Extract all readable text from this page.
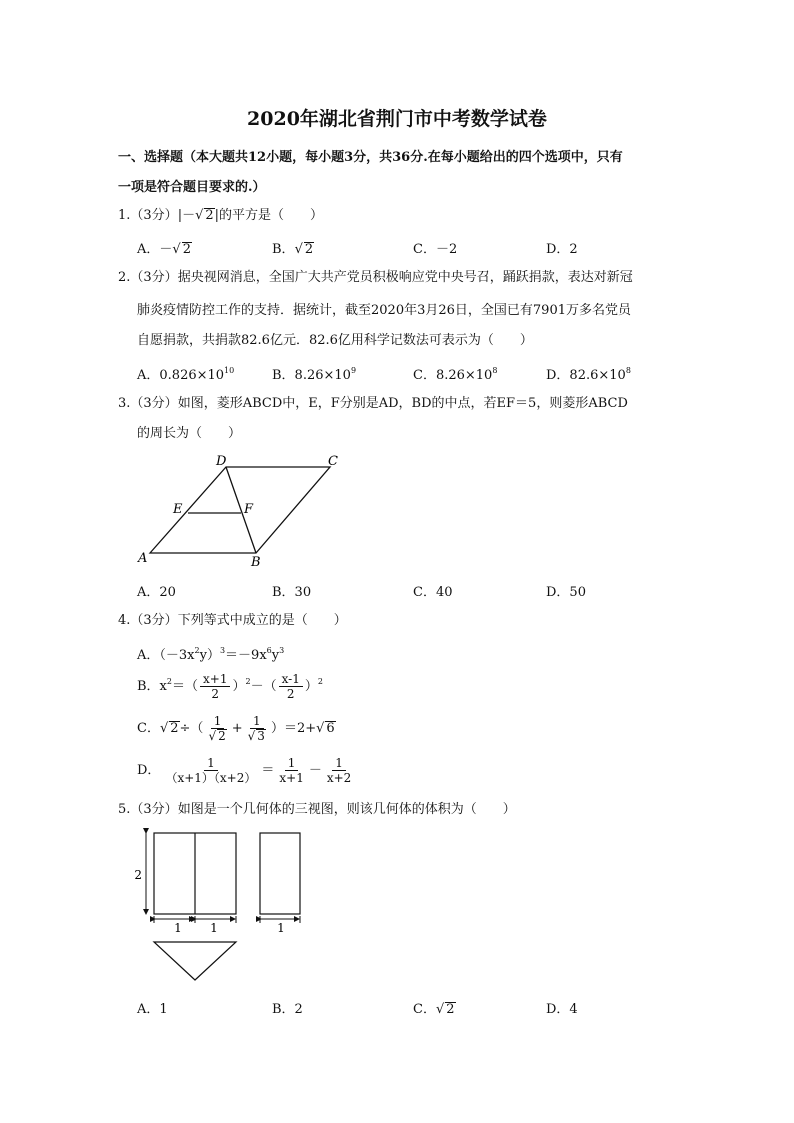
2020年湖北省荆门市中考数学试卷
一、选择题（本大题共12小题，每小题3分，共36分.在每小题给出的四个选项中，只有
一项是符合题目要求的.）
1.（3分）|－√ 2|的平方是（　　）
A．－√ 2	B．√ 2	C．－2	D．2
2.（3分）据央视网消息，全国广大共产党员积极响应党中央号召，踊跃捐款，表达对新冠
肺炎疫情防控工作的支持．据统计，截至2020年3月26日，全国已有7901万多名党员
自愿捐款，共捐款82.6亿元．82.6亿用科学记数法可表示为（　　）
A．$0.826\times 10^{10}$	B．$8.26\times 10^9$	C．$8.26\times 10^8$	D．$82.6\times 10^8$
3.（3分）如图，菱形ABCD中，E，F分别是AD，BD的中点，若EF＝5，则菱形ABCD
的周长为（　　）
A	B
C
D
E	F
A．20	B．30	C．40	D．50
4.（3分）下列等式中成立的是（　　）
A．$(-3x^2y)^3=-9x^6y^3$
B．$x^2=( \frac{x+1}{2} )^2-( \frac{x-1}{2} )^2$
C．√ $2\div( \frac{1}{√ 2} + \frac{1}{√ 3} )=2+√$ 6
D． $\frac{1}{(x+1)(x+2)} = \frac{1}{x+1} - \frac{1}{x+2}$
5.（3分）如图是一个几何体的三视图，则该几何体的体积为（　　）
2
1 1	1
A．1	B．2	C．√ 2	D．4
